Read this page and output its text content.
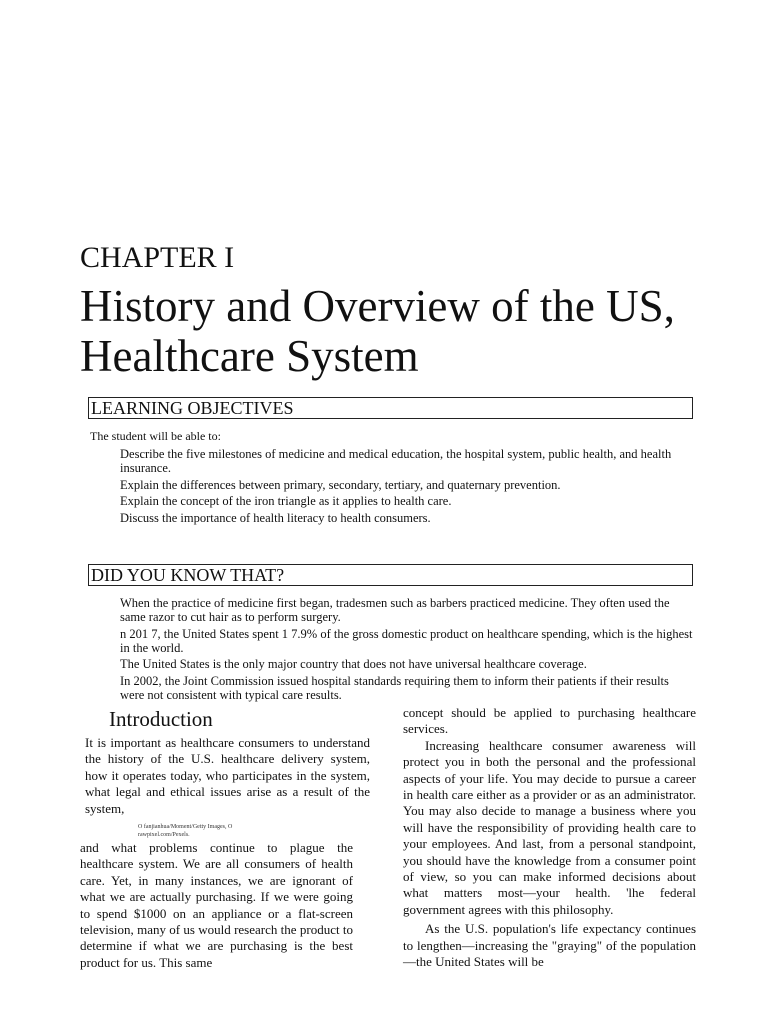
CHAPTER I
History and Overview of the US, Healthcare System
LEARNING OBJECTIVES
The student will be able to:
Describe the five milestones of medicine and medical education, the hospital system, public health, and health insurance.
Explain the differences between primary, secondary, tertiary, and quaternary prevention.
Explain the concept of the iron triangle as it applies to health care.
Discuss the importance of health literacy to health consumers.
DID YOU KNOW THAT?
When the practice of medicine first began, tradesmen such as barbers practiced medicine. They often used the same razor to cut hair as to perform surgery.
n 201 7, the United States spent 1 7.9% of the gross domestic product on healthcare spending, which is the highest in the world.
The United States is the only major country that does not have universal healthcare coverage.
In 2002, the Joint Commission issued hospital standards requiring them to inform their patients if their results were not consistent with typical care results.
Introduction
It is important as healthcare consumers to understand the history of the U.S. healthcare delivery system, how it operates today, who participates in the system, what legal and ethical issues arise as a result of the system,
O fanjianhua/Moment/Getty Images, O rawpixel.com/Pexels.
and what problems continue to plague the healthcare system. We are all consumers of health care. Yet, in many instances, we are ignorant of what we are actually purchasing. If we were going to spend $1000 on an appliance or a flat-screen television, many of us would research the product to determine if what we are purchasing is the best product for us. This same

concept should be applied to purchasing healthcare services.

Increasing healthcare consumer awareness will protect you in both the personal and the professional aspects of your life. You may decide to pursue a career in health care either as a provider or as an administrator. You may also decide to manage a business where you will have the responsibility of providing health care to your employees. And last, from a personal standpoint, you should have the knowledge from a consumer point of view, so you can make informed decisions about what matters most—your health. 'lhe federal government agrees with this philosophy.

As the U.S. population's life expectancy continues to lengthen—increasing the "graying" of the population—the United States will be
